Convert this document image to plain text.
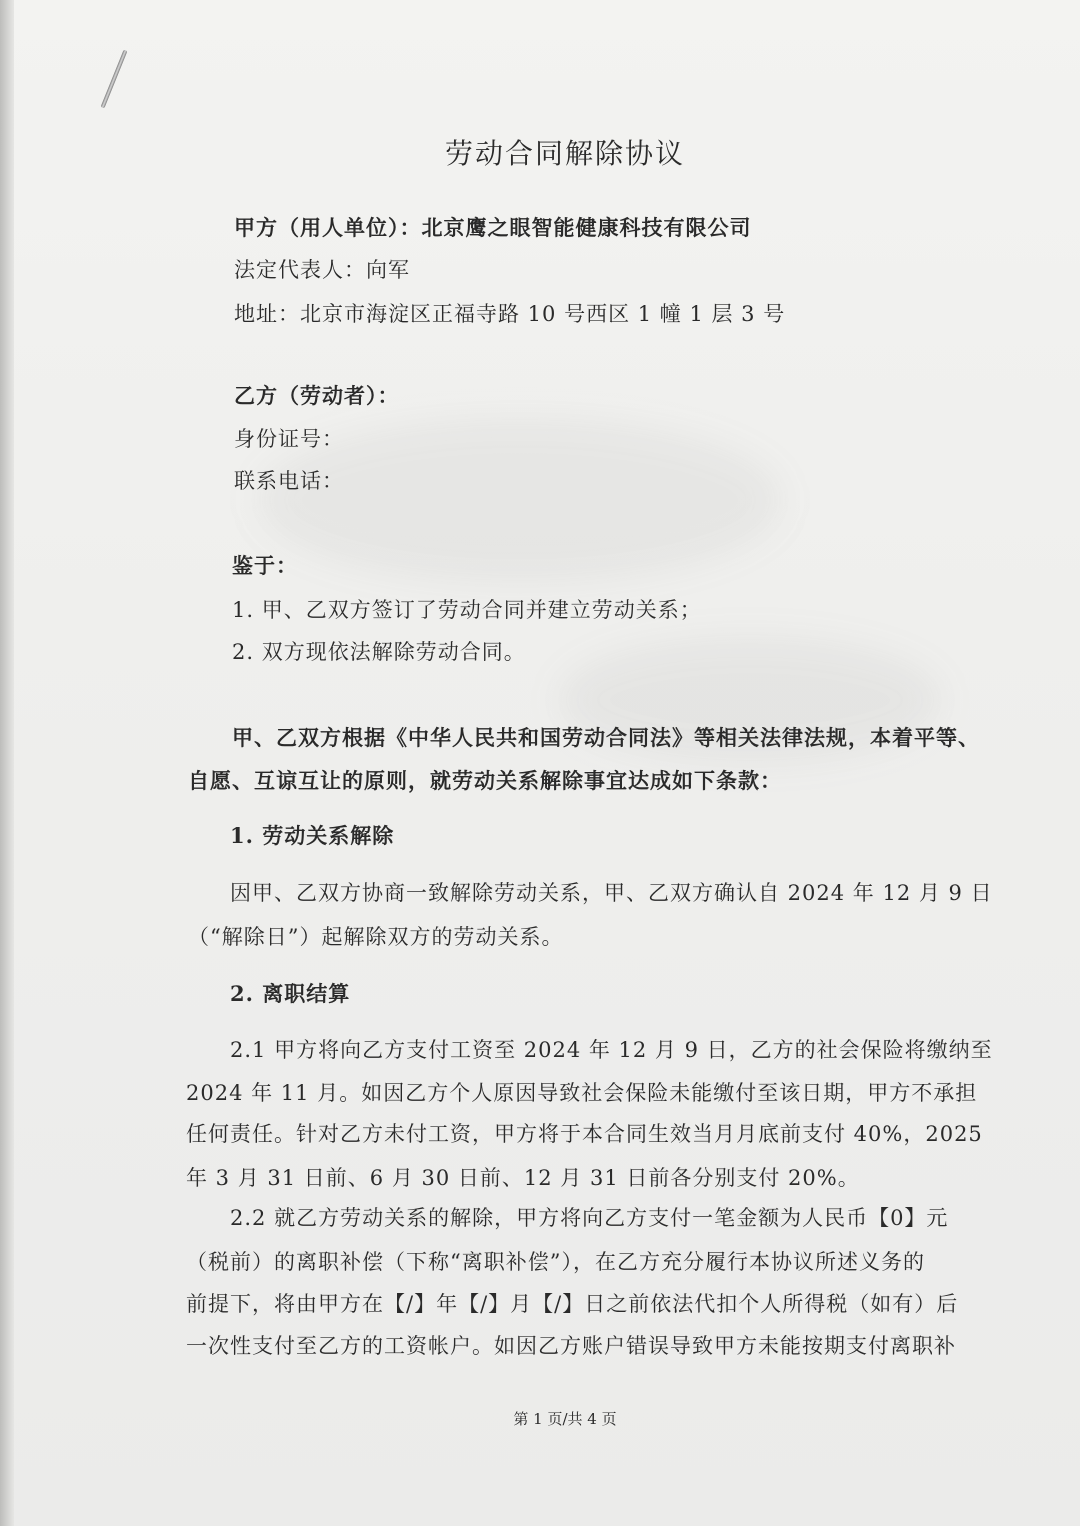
劳动合同解除协议
甲方（用人单位）：北京鹰之眼智能健康科技有限公司
法定代表人：向军
地址：北京市海淀区正福寺路 10 号西区 1 幢 1 层 3 号
乙方（劳动者）：
身份证号：
联系电话：
鉴于：
1. 甲、乙双方签订了劳动合同并建立劳动关系；
2. 双方现依法解除劳动合同。
甲、乙双方根据《中华人民共和国劳动合同法》等相关法律法规，本着平等、
自愿、互谅互让的原则，就劳动关系解除事宜达成如下条款：
1. 劳动关系解除
因甲、乙双方协商一致解除劳动关系，甲、乙双方确认自 2024 年 12 月 9 日
（“解除日”）起解除双方的劳动关系。
2. 离职结算
2.1 甲方将向乙方支付工资至 2024 年 12 月 9 日，乙方的社会保险将缴纳至
2024 年 11 月。如因乙方个人原因导致社会保险未能缴付至该日期，甲方不承担
任何责任。针对乙方未付工资，甲方将于本合同生效当月月底前支付 40%，2025
年 3 月 31 日前、6 月 30 日前、12 月 31 日前各分别支付 20%。
2.2 就乙方劳动关系的解除，甲方将向乙方支付一笔金额为人民币【0】元
（税前）的离职补偿（下称“离职补偿”），在乙方充分履行本协议所述义务的
前提下，将由甲方在【/】年【/】月【/】日之前依法代扣个人所得税（如有）后
一次性支付至乙方的工资帐户。如因乙方账户错误导致甲方未能按期支付离职补
第 1 页/共 4 页
